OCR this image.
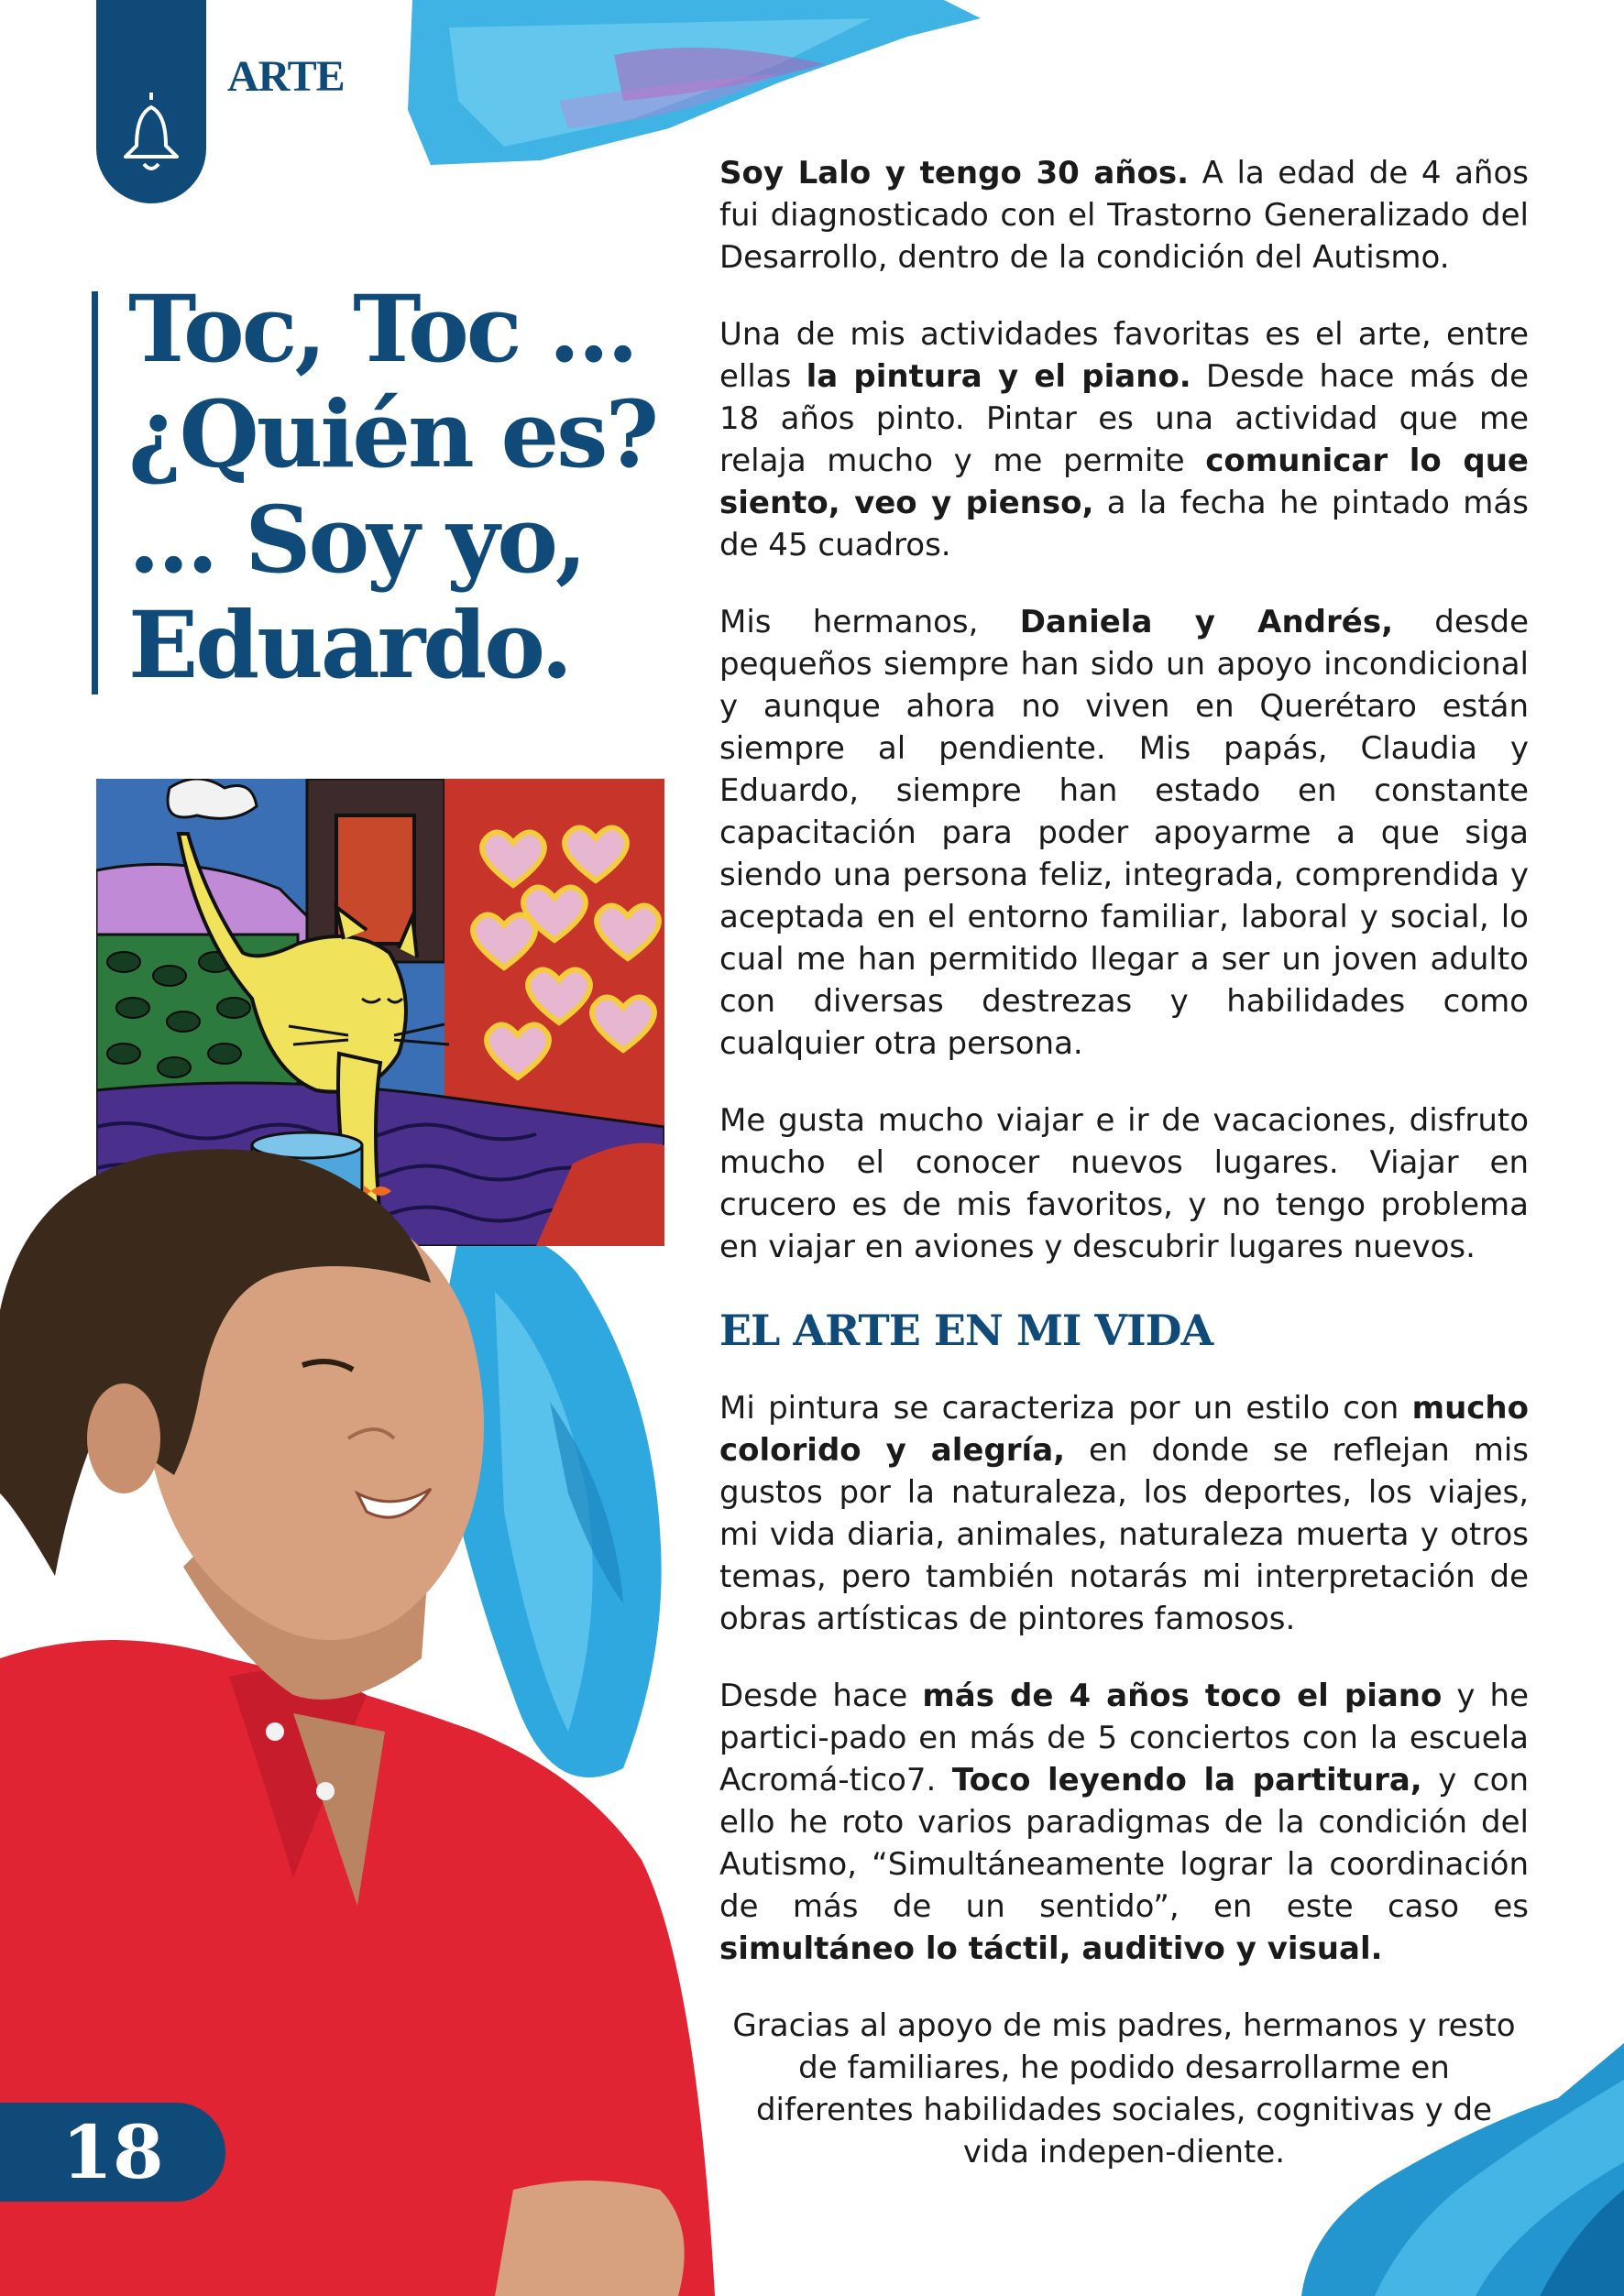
ARTE
Toc, Toc ...
¿Quién es?
... Soy yo,
Eduardo.

Soy Lalo y tengo 30 años. A la edad de 4 años fui diagnosticado con el Trastorno Generalizado del Desarrollo, dentro de la condición del Autismo.

Una de mis actividades favoritas es el arte, entre ellas la pintura y el piano. Desde hace más de 18 años pinto. Pintar es una actividad que me relaja mucho y me permite comunicar lo que siento, veo y pienso, a la fecha he pintado más de 45 cuadros.

Mis hermanos, Daniela y Andrés, desde pequeños siempre han sido un apoyo incondicional y aunque ahora no viven en Querétaro están siempre al pendiente. Mis papás, Claudia y Eduardo, siempre han estado en constante capacitación para poder apoyarme a que siga siendo una persona feliz, integrada, comprendida y aceptada en el entorno familiar, laboral y social, lo cual me han permitido llegar a ser un joven adulto con diversas destrezas y habilidades como cualquier otra persona.

Me gusta mucho viajar e ir de vacaciones, disfruto mucho el conocer nuevos lugares. Viajar en crucero es de mis favoritos, y no tengo problema en viajar en aviones y descubrir lugares nuevos.

EL ARTE EN MI VIDA

Mi pintura se caracteriza por un estilo con mucho colorido y alegría, en donde se reflejan mis gustos por la naturaleza, los deportes, los viajes, mi vida diaria, animales, naturaleza muerta y otros temas, pero también notarás mi interpretación de obras artísticas de pintores famosos.

Desde hace más de 4 años toco el piano y he partici-pado en más de 5 conciertos con la escuela Acromá-tico7. Toco leyendo la partitura, y con ello he roto varios paradigmas de la condición del Autismo, “Simultáneamente lograr la coordinación de más de un sentido”, en este caso es simultáneo lo táctil, auditivo y visual.

Gracias al apoyo de mis padres, hermanos y resto de familiares, he podido desarrollarme en diferentes habilidades sociales, cognitivas y de vida indepen-diente.

18
